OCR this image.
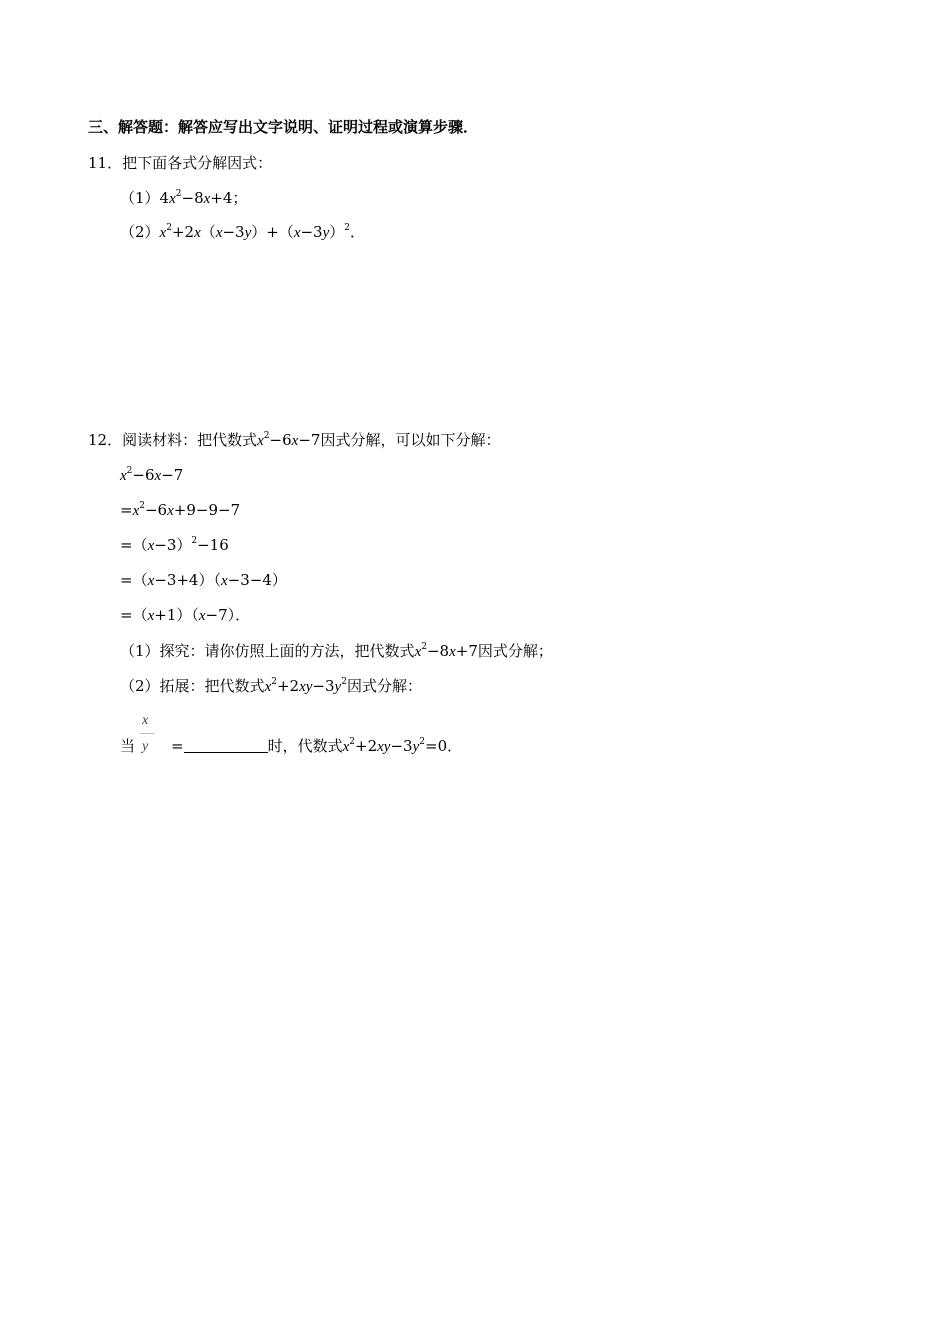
三、解答题：解答应写出文字说明、证明过程或演算步骤．
11．把下面各式分解因式：
$(1)4x^2-8x+4$；
$(2)x^2+2x(x-3y)+(x-3y)^2$．
12．阅读材料：把代数式$x^2-6x-7$因式分解，可以如下分解：
$x^2-6x-7$
$=x^2-6x+9-9-7$
$=(x-3)^2-16$
=（x−3+4）（x−3−4）
=（x+1）（x−7）．
（1）探究：请你仿照上面的方法，把代数式$x^2-8x+7$因式分解；
（2）拓展：把代数式$x^2+2xy-3y^2$因式分解：
x
y
当 =	时，代数式$x^2+2xy-3y^2=0$．
